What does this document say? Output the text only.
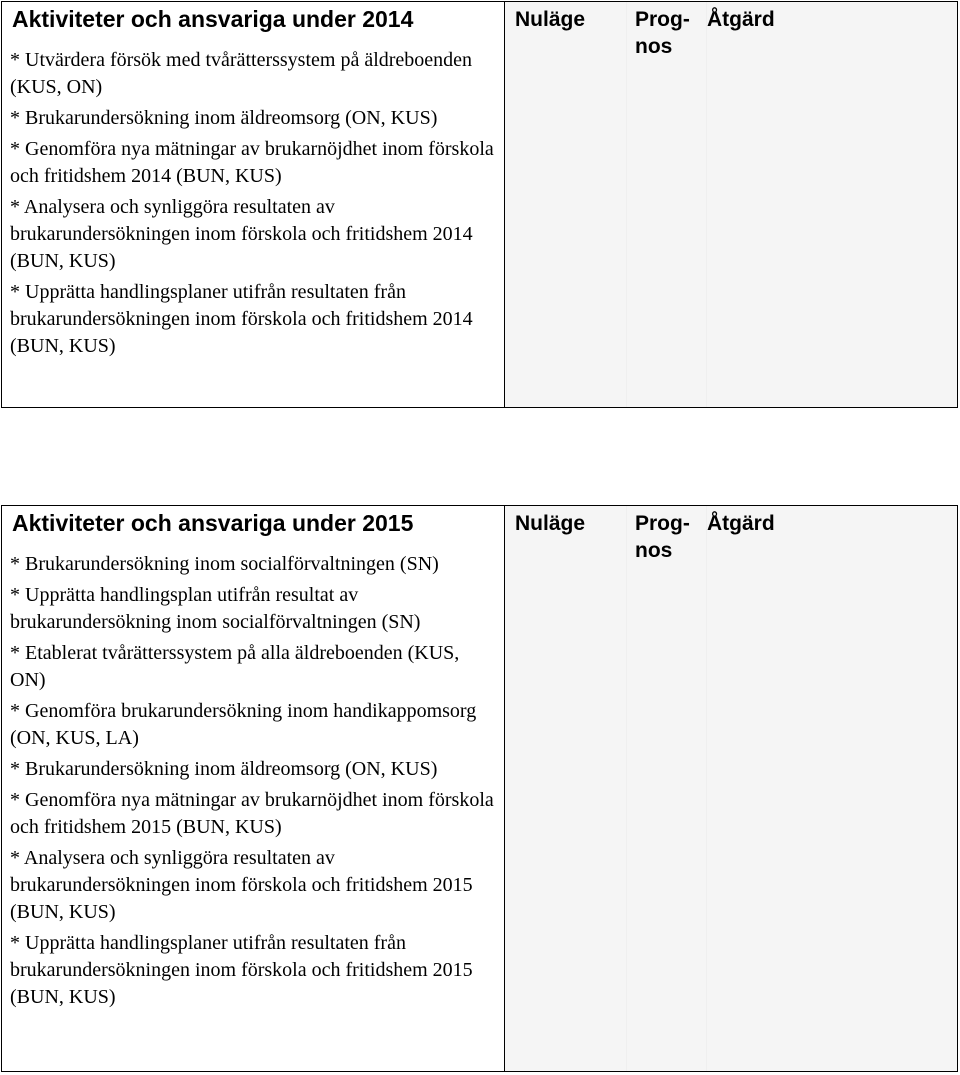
Aktiviteter och ansvariga under 2014
* Utvärdera försök med tvårätterssystem på äldreboenden (KUS, ON)
* Brukarundersökning inom äldreomsorg (ON, KUS)
* Genomföra nya mätningar av brukarnöjdhet inom förskola och fritidshem 2014 (BUN, KUS)
* Analysera och synliggöra resultaten av brukarundersökningen inom förskola och fritidshem 2014 (BUN, KUS)
* Upprätta handlingsplaner utifrån resultaten från brukarundersökningen inom förskola och fritidshem 2014 (BUN, KUS)
Nuläge	Prog-
nos
Åtgärd
Aktiviteter och ansvariga under 2015
* Brukarundersökning inom socialförvaltningen (SN)
* Upprätta handlingsplan utifrån resultat av brukarundersökning inom socialförvaltningen (SN)
* Etablerat tvårätterssystem på alla äldreboenden (KUS, ON)
* Genomföra brukarundersökning inom handikappomsorg (ON, KUS, LA)
* Brukarundersökning inom äldreomsorg (ON, KUS)
* Genomföra nya mätningar av brukarnöjdhet inom förskola och fritidshem 2015 (BUN, KUS)
* Analysera och synliggöra resultaten av brukarundersökningen inom förskola och fritidshem 2015 (BUN, KUS)
* Upprätta handlingsplaner utifrån resultaten från brukarundersökningen inom förskola och fritidshem 2015 (BUN, KUS)
Nuläge	Prog-
nos
Åtgärd
